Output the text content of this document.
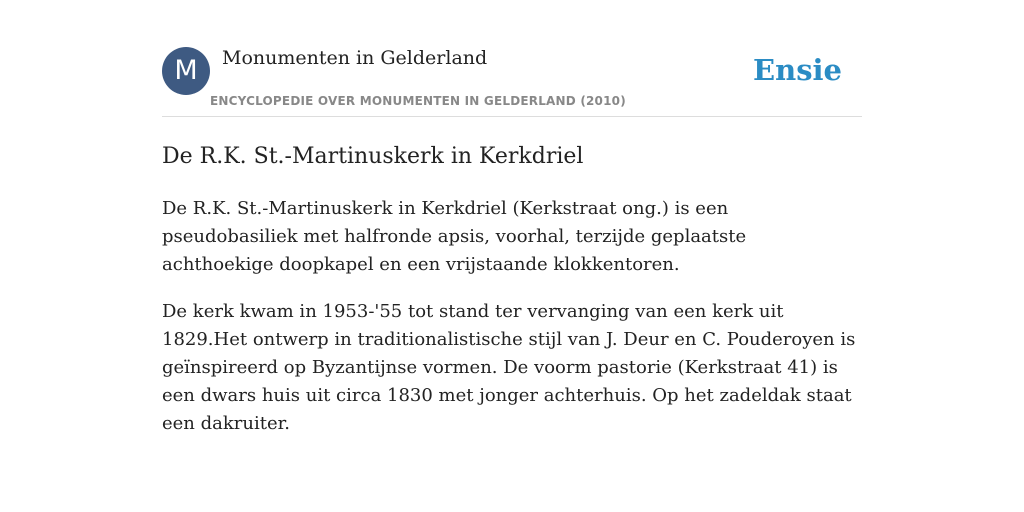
M	Monumenten in Gelderland
ENCYCLOPEDIE OVER MONUMENTEN IN GELDERLAND (2010)
Ensie
De R.K. St.-Martinuskerk in Kerkdriel

De R.K. St.-Martinuskerk in Kerkdriel (Kerkstraat ong.) is een pseudobasiliek met halfronde apsis, voorhal, terzijde geplaatste achthoekige doopkapel en een vrijstaande klokkentoren.

De kerk kwam in 1953-'55 tot stand ter vervanging van een kerk uit 1829.Het ontwerp in traditionalistische stijl van J. Deur en C. Pouderoyen is geïnspireerd op Byzantijnse vormen. De voorm pastorie (Kerkstraat 41) is een dwars huis uit circa 1830 met jonger achterhuis. Op het zadeldak staat een dakruiter.
